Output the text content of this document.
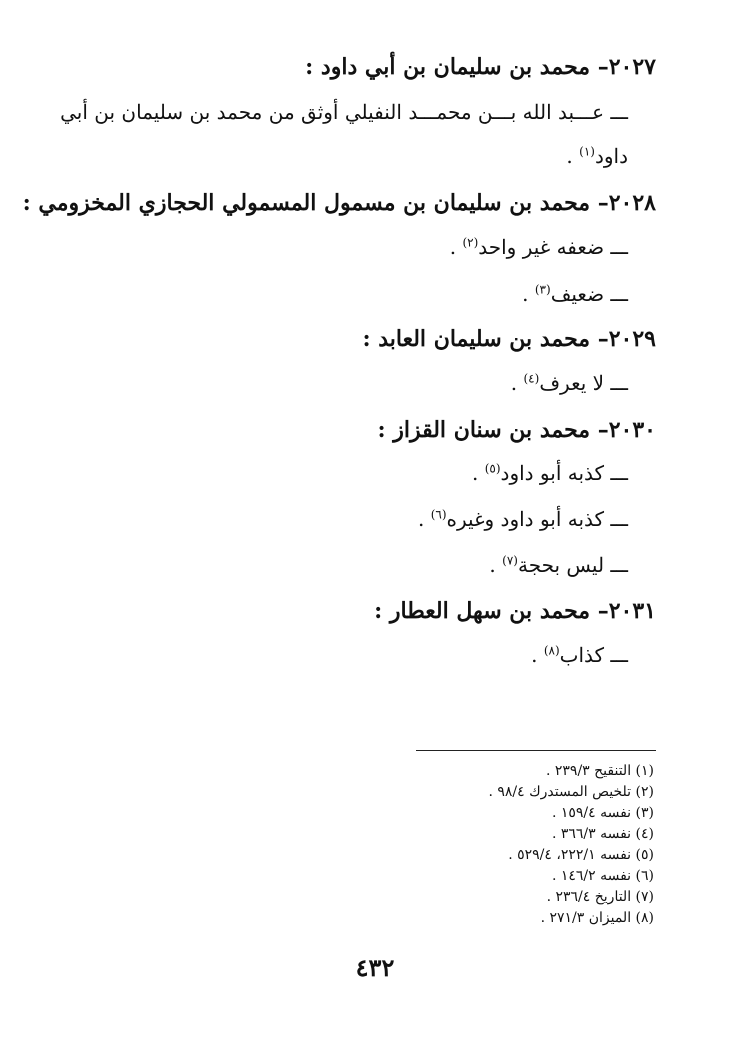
٢٠٢٧– محمد بن سليمان بن أبي داود :
ـــ عـــبد الله بـــن محمـــد النفيلي أوثق من محمد بن سليمان بن أبي
داود$^{(١)}$ .
٢٠٢٨– محمد بن سليمان بن مسمول المسمولي الحجازي المخزومي :
ـــ ضعفه غير واحد$^{(٢)}$ .
ـــ ضعيف$^{(٣)}$ .
٢٠٢٩– محمد بن سليمان العابد :
ـــ لا يعرف$^{(٤)}$ .
٢٠٣٠– محمد بن سنان القزاز :
ـــ كذبه أبو داود$^{(٥)}$ .
ـــ كذبه أبو داود وغيره$^{(٦)}$ .
ـــ ليس بحجة$^{(٧)}$ .
٢٠٣١– محمد بن سهل العطار :
ـــ كذاب$^{(٨)}$ .
(١) التنقيح ٢٣٩/٣ .
(٢) تلخيص المستدرك ٩٨/٤ .
(٣) نفسه ١٥٩/٤ .
(٤) نفسه ٣٦٦/٣ .
(٥) نفسه ٢٢٢/١، ٥٢٩/٤ .
(٦) نفسه ١٤٦/٢ .
(٧) التاريخ ٢٣٦/٤ .
(٨) الميزان ٢٧١/٣ .
٤٣٢
